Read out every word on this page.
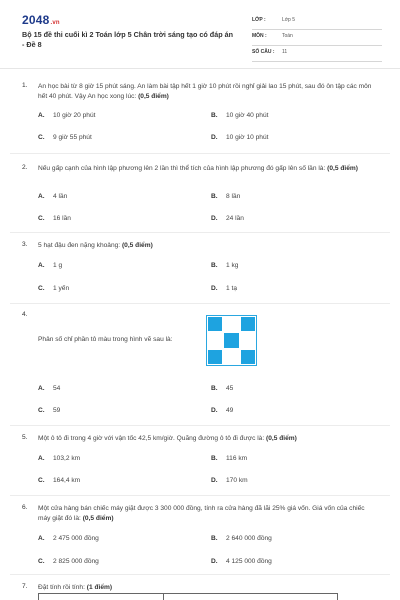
2048.vn
Bộ 15 đề thi cuối kì 2 Toán lớp 5 Chân trời sáng tạo có đáp án - Đề 8
LỚP :	Lớp 5
MÔN :	Toán
SỐ CÂU : 11
1. An học bài từ 8 giờ 15 phút sáng. An làm bài tập hết 1 giờ 10 phút rồi nghỉ giải lao 15 phút, sau đó ôn tập các môn hết 40 phút. Vậy An học xong lúc: (0,5 điểm)
A. 10 giờ 20 phút	B. 10 giờ 40 phút
C. 9 giờ 55 phút	D. 10 giờ 10 phút
2. Nếu gấp cạnh của hình lập phương lên 2 lần thì thể tích của hình lập phương đó gấp lên số lần là: (0,5 điểm)
A. 4 lần	B. 8 lần
C. 16 lần	D. 24 lần
3. 5 hạt đậu đen nặng khoảng: (0,5 điểm)
A. 1 g	B. 1 kg
C. 1 yến	D. 1 tạ
4.
Phân số chỉ phần tô màu trong hình vẽ sau là:
A. 54	B. 45
C. 59	D. 49
5. Một ô tô đi trong 4 giờ với vận tốc 42,5 km/giờ. Quãng đường ô tô đi được là: (0,5 điểm)
A. 103,2 km	B. 116 km
C. 164,4 km	D. 170 km
6. Một cửa hàng bán chiếc máy giặt được 3 300 000 đồng, tính ra cửa hàng đã lãi 25% giá vốn. Giá vốn của chiếc máy giặt đó là: (0,5 điểm)
A. 2 475 000 đồng	B. 2 640 000 đồng
C. 2 825 000 đồng	D. 4 125 000 đồng
7. Đặt tính rồi tính: (1 điểm)
